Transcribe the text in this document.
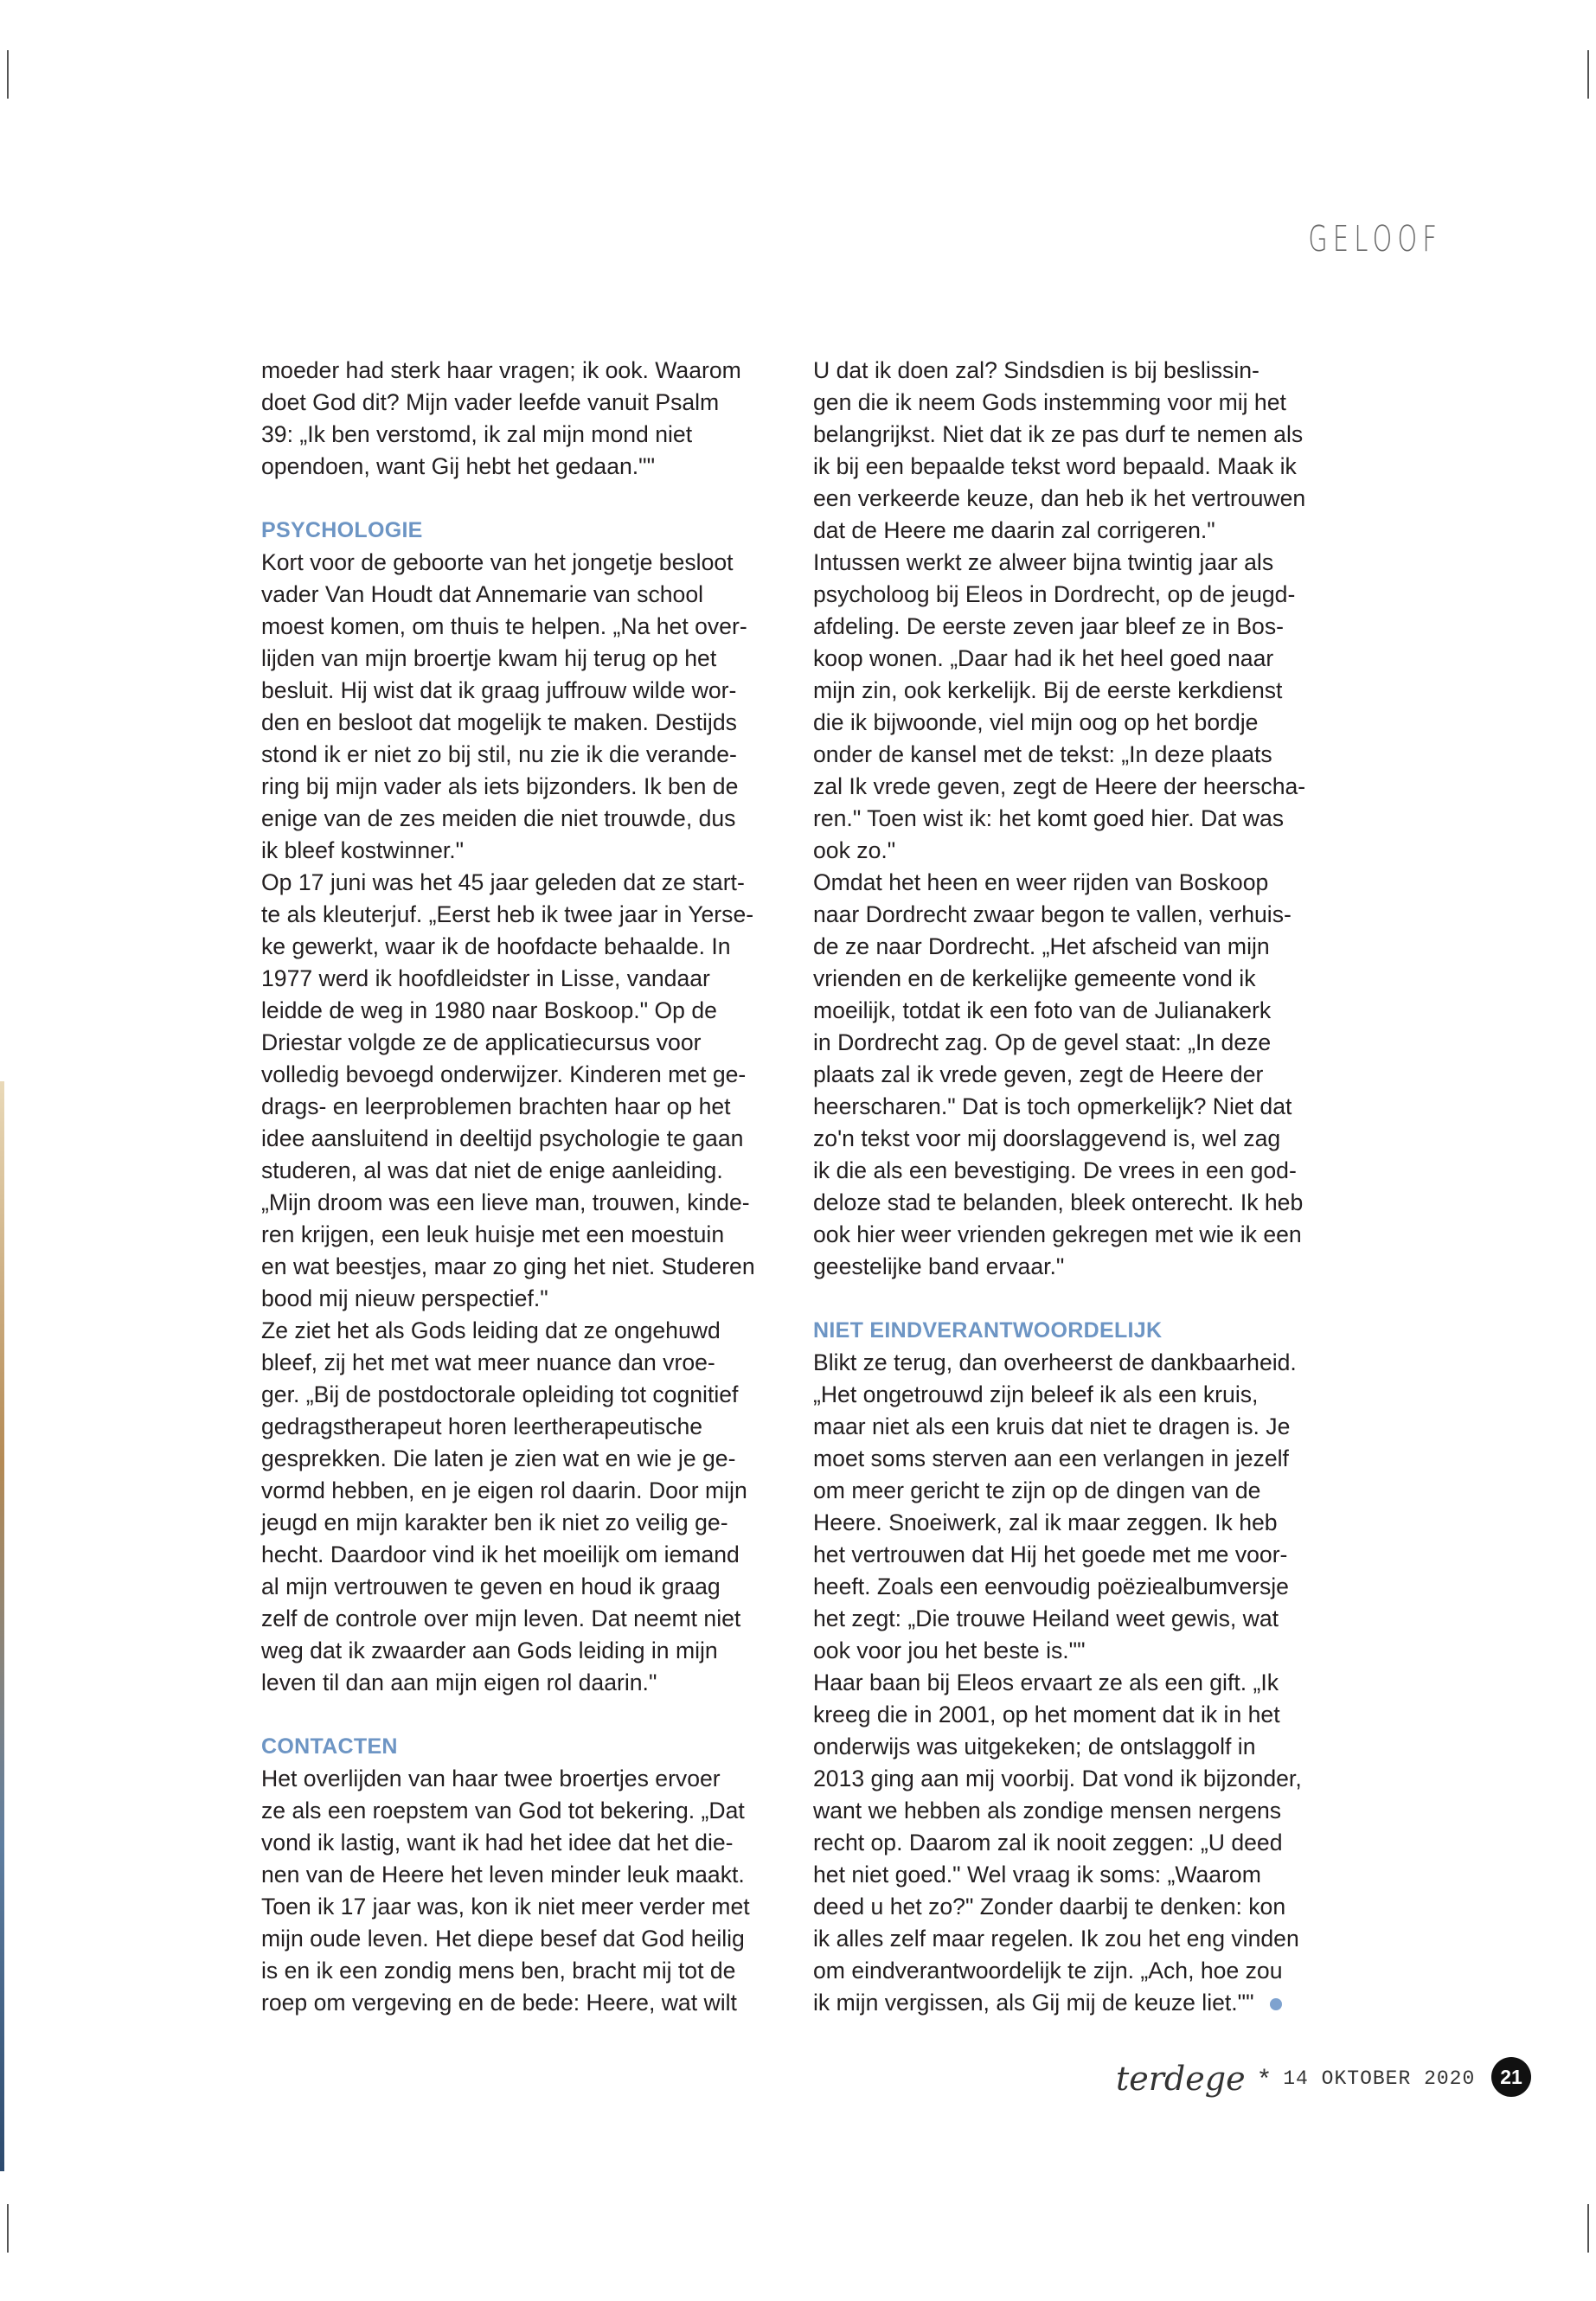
GELOOF
moeder had sterk haar vragen; ik ook. Waarom
doet God dit? Mijn vader leefde vanuit Psalm
39: „Ik ben verstomd, ik zal mijn mond niet
opendoen, want Gij hebt het gedaan.""
PSYCHOLOGIE
Kort voor de geboorte van het jongetje besloot
vader Van Houdt dat Annemarie van school
moest komen, om thuis te helpen. „Na het over-
lijden van mijn broertje kwam hij terug op het
besluit. Hij wist dat ik graag juffrouw wilde wor-
den en besloot dat mogelijk te maken. Destijds
stond ik er niet zo bij stil, nu zie ik die verande-
ring bij mijn vader als iets bijzonders. Ik ben de
enige van de zes meiden die niet trouwde, dus
ik bleef kostwinner."
Op 17 juni was het 45 jaar geleden dat ze start-
te als kleuterjuf. „Eerst heb ik twee jaar in Yerse-
ke gewerkt, waar ik de hoofdacte behaalde. In
1977 werd ik hoofdleidster in Lisse, vandaar
leidde de weg in 1980 naar Boskoop." Op de
Driestar volgde ze de applicatiecursus voor
volledig bevoegd onderwijzer. Kinderen met ge-
drags- en leerproblemen brachten haar op het
idee aansluitend in deeltijd psychologie te gaan
studeren, al was dat niet de enige aanleiding.
„Mijn droom was een lieve man, trouwen, kinde-
ren krijgen, een leuk huisje met een moestuin
en wat beestjes, maar zo ging het niet. Studeren
bood mij nieuw perspectief."
Ze ziet het als Gods leiding dat ze ongehuwd
bleef, zij het met wat meer nuance dan vroe-
ger. „Bij de postdoctorale opleiding tot cognitief
gedragstherapeut horen leertherapeutische
gesprekken. Die laten je zien wat en wie je ge-
vormd hebben, en je eigen rol daarin. Door mijn
jeugd en mijn karakter ben ik niet zo veilig ge-
hecht. Daardoor vind ik het moeilijk om iemand
al mijn vertrouwen te geven en houd ik graag
zelf de controle over mijn leven. Dat neemt niet
weg dat ik zwaarder aan Gods leiding in mijn
leven til dan aan mijn eigen rol daarin."
CONTACTEN
Het overlijden van haar twee broertjes ervoer
ze als een roepstem van God tot bekering. „Dat
vond ik lastig, want ik had het idee dat het die-
nen van de Heere het leven minder leuk maakt.
Toen ik 17 jaar was, kon ik niet meer verder met
mijn oude leven. Het diepe besef dat God heilig
is en ik een zondig mens ben, bracht mij tot de
roep om vergeving en de bede: Heere, wat wilt
U dat ik doen zal? Sindsdien is bij beslissin-
gen die ik neem Gods instemming voor mij het
belangrijkst. Niet dat ik ze pas durf te nemen als
ik bij een bepaalde tekst word bepaald. Maak ik
een verkeerde keuze, dan heb ik het vertrouwen
dat de Heere me daarin zal corrigeren."
Intussen werkt ze alweer bijna twintig jaar als
psycholoog bij Eleos in Dordrecht, op de jeugd-
afdeling. De eerste zeven jaar bleef ze in Bos-
koop wonen. „Daar had ik het heel goed naar
mijn zin, ook kerkelijk. Bij de eerste kerkdienst
die ik bijwoonde, viel mijn oog op het bordje
onder de kansel met de tekst: „In deze plaats
zal Ik vrede geven, zegt de Heere der heerscha-
ren." Toen wist ik: het komt goed hier. Dat was
ook zo."
Omdat het heen en weer rijden van Boskoop
naar Dordrecht zwaar begon te vallen, verhuis-
de ze naar Dordrecht. „Het afscheid van mijn
vrienden en de kerkelijke gemeente vond ik
moeilijk, totdat ik een foto van de Julianakerk
in Dordrecht zag. Op de gevel staat: „In deze
plaats zal ik vrede geven, zegt de Heere der
heerscharen." Dat is toch opmerkelijk? Niet dat
zo'n tekst voor mij doorslaggevend is, wel zag
ik die als een bevestiging. De vrees in een god-
deloze stad te belanden, bleek onterecht. Ik heb
ook hier weer vrienden gekregen met wie ik een
geestelijke band ervaar."
NIET EINDVERANTWOORDELIJK
Blikt ze terug, dan overheerst de dankbaarheid.
„Het ongetrouwd zijn beleef ik als een kruis,
maar niet als een kruis dat niet te dragen is. Je
moet soms sterven aan een verlangen in jezelf
om meer gericht te zijn op de dingen van de
Heere. Snoeiwerk, zal ik maar zeggen. Ik heb
het vertrouwen dat Hij het goede met me voor-
heeft. Zoals een eenvoudig poëziealbumversje
het zegt: „Die trouwe Heiland weet gewis, wat
ook voor jou het beste is.""
Haar baan bij Eleos ervaart ze als een gift. „Ik
kreeg die in 2001, op het moment dat ik in het
onderwijs was uitgekeken; de ontslaggolf in
2013 ging aan mij voorbij. Dat vond ik bijzonder,
want we hebben als zondige mensen nergens
recht op. Daarom zal ik nooit zeggen: „U deed
het niet goed." Wel vraag ik soms: „Waarom
deed u het zo?" Zonder daarbij te denken: kon
ik alles zelf maar regelen. Ik zou het eng vinden
om eindverantwoordelijk te zijn. „Ach, hoe zou
ik mijn vergissen, als Gij mij de keuze liet.""
terdege * 14 OKTOBER 2020	21
